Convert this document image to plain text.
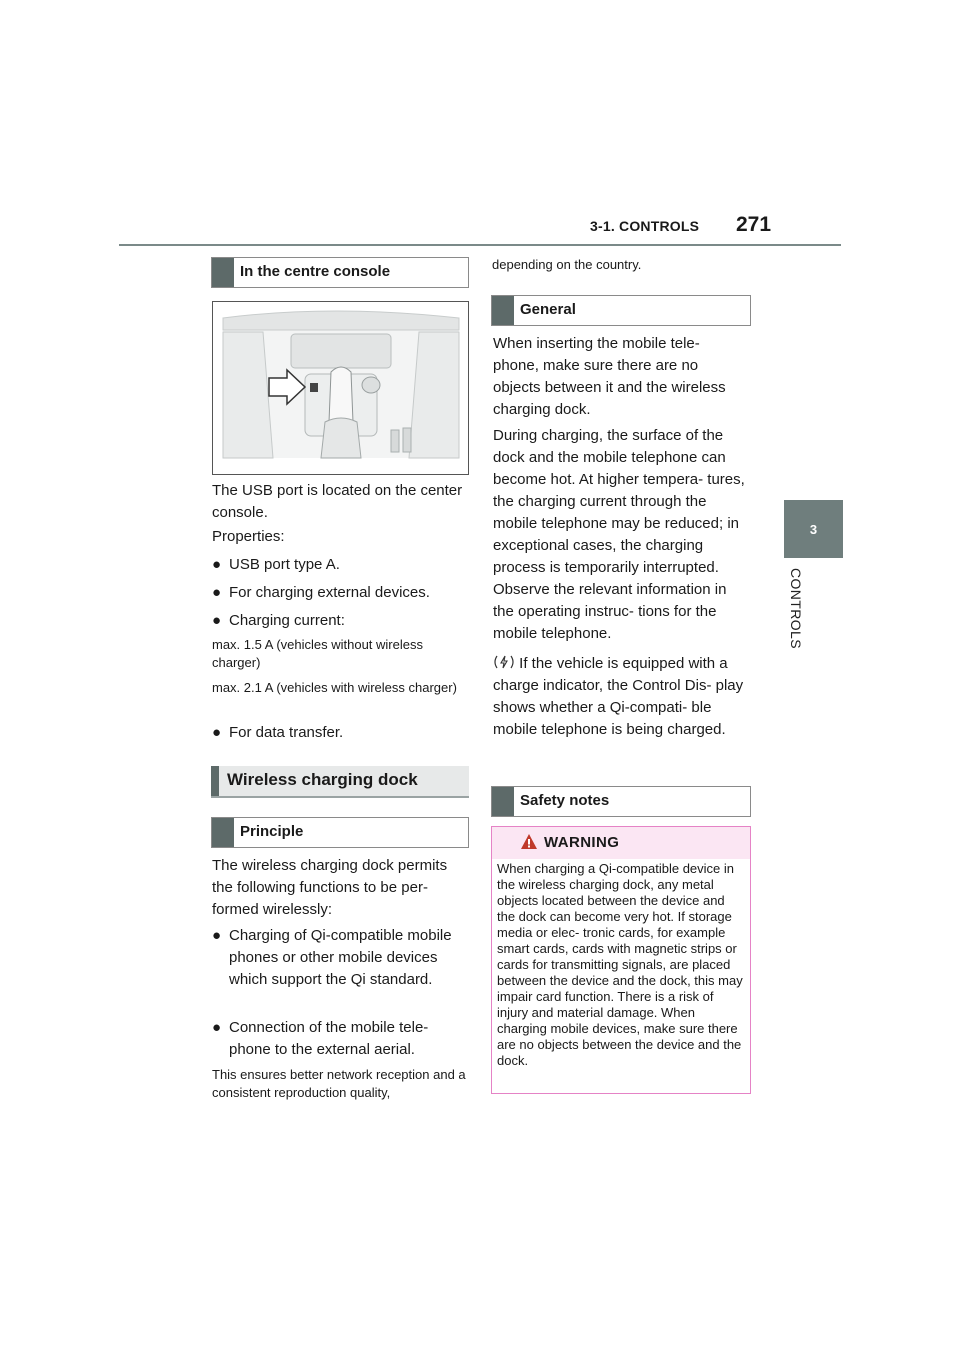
3-1. CONTROLS 271
3
CONTROLS
In the centre console
The USB port is located on the center console.
Properties:
● USB port type A.
● For charging external devices.
● Charging current:
max. 1.5 A (vehicles without wireless charger)
max. 2.1 A (vehicles with wireless charger)
● For data transfer.
Wireless charging dock
Principle
The wireless charging dock permits the following functions to be per- formed wirelessly:
● Charging of Qi-compatible mobile phones or other mobile devices which support the Qi standard.
● Connection of the mobile tele- phone to the external aerial.
This ensures better network reception and a consistent reproduction quality,
depending on the country.
General
When inserting the mobile tele- phone, make sure there are no objects between it and the wireless charging dock.
During charging, the surface of the dock and the mobile telephone can become hot. At higher tempera- tures, the charging current through the mobile telephone may be reduced; in exceptional cases, the charging process is temporarily interrupted. Observe the relevant information in the operating instruc- tions for the mobile telephone.
If the vehicle is equipped with a charge indicator, the Control Dis- play shows whether a Qi-compati- ble mobile telephone is being charged.
Safety notes
WARNING
When charging a Qi-compatible device in the wireless charging dock, any metal objects located between the device and the dock can become very hot. If storage media or elec- tronic cards, for example smart cards, cards with magnetic strips or cards for transmitting signals, are placed between the device and the dock, this may impair card function. There is a risk of injury and material damage. When charging mobile devices, make sure there are no objects between the device and the dock.
